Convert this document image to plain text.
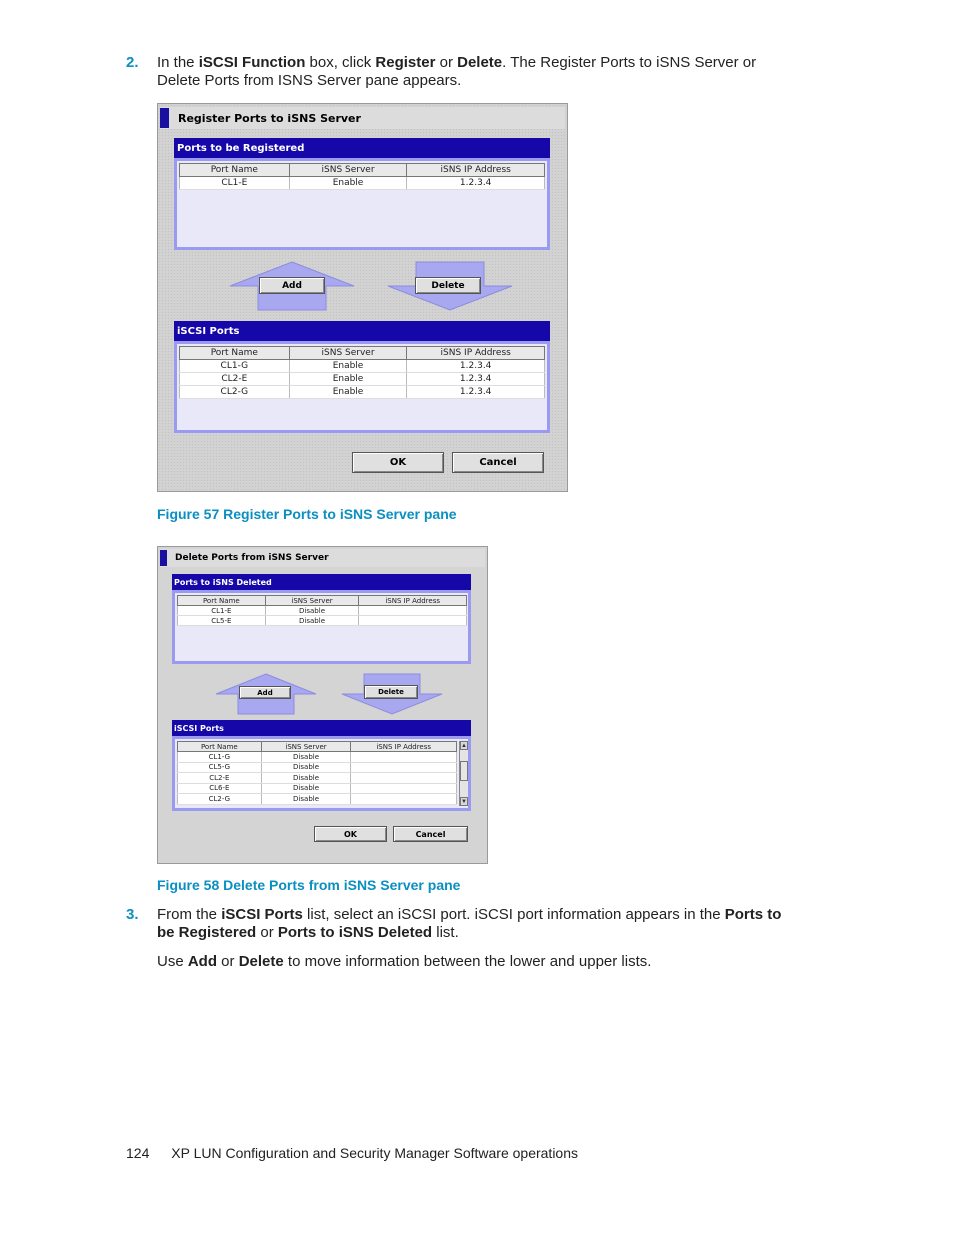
2. In the iSCSI Function box, click Register or Delete. The Register Ports to iSNS Server or Delete Ports from ISNS Server pane appears.
Register Ports to iSNS Server
Ports to be Registered
Port Name	iSNS Server	iSNS IP Address
CL1-E	Enable	1.2.3.4
Add	Delete
iSCSI Ports
Port Name	iSNS Server	iSNS IP Address
CL1-G	Enable	1.2.3.4
CL2-E	Enable	1.2.3.4
CL2-G	Enable	1.2.3.4
OK	Cancel
Figure 57 Register Ports to iSNS Server pane
Delete Ports from iSNS Server
Ports to iSNS Deleted
Port Name	iSNS Server	iSNS IP Address
CL1-E	Disable	
CL5-E	Disable	
Add	Delete
iSCSI Ports
Port Name	iSNS Server	iSNS IP Address
CL1-G	Disable	
CL5-G	Disable	
CL2-E	Disable	
CL6-E	Disable	
CL2-G	Disable	
▲
▼
OK	Cancel
Figure 58 Delete Ports from iSNS Server pane
3. From the iSCSI Ports list, select an iSCSI port. iSCSI port information appears in the Ports to be Registered or Ports to iSNS Deleted list.
Use Add or Delete to move information between the lower and upper lists.
124 XP LUN Configuration and Security Manager Software operations
